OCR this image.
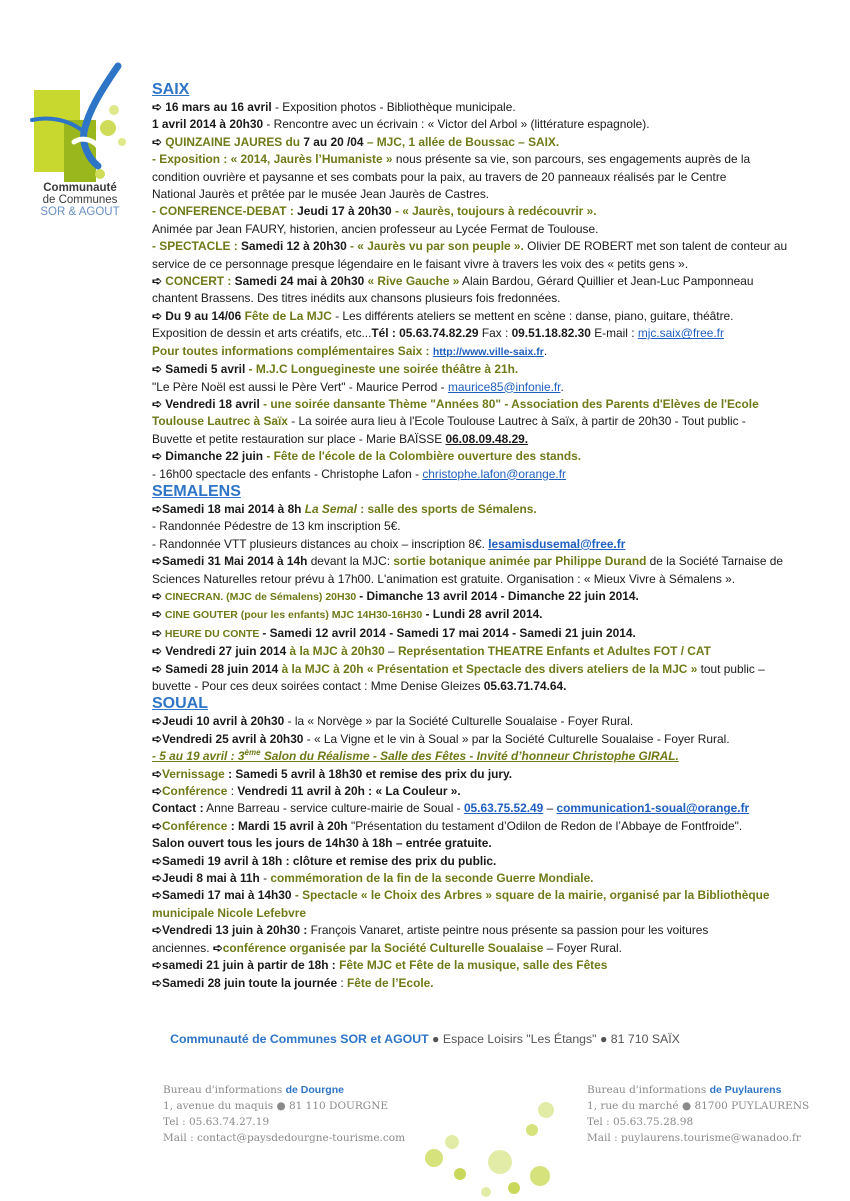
Communauté
de Communes
SOR & AGOUT

SAIX

➪ 16 mars au 16 avril - Exposition photos - Bibliothèque municipale.

1 avril 2014 à 20h30 - Rencontre avec un écrivain : « Victor del Arbol » (littérature espagnole).

➪ QUINZAINE JAURES du 7 au 20 /04 – MJC, 1 allée de Boussac – SAIX.

- Exposition : « 2014, Jaurès l’Humaniste » nous présente sa vie, son parcours, ses engagements auprès de la

condition ouvrière et paysanne et ses combats pour la paix, au travers de 20 panneaux réalisés par le Centre

National Jaurès et prêtée par le musée Jean Jaurès de Castres.

- CONFERENCE-DEBAT : Jeudi 17 à 20h30 - « Jaurès, toujours à redécouvrir ».

Animée par Jean FAURY, historien, ancien professeur au Lycée Fermat de Toulouse.

- SPECTACLE : Samedi 12 à 20h30 - « Jaurès vu par son peuple ». Olivier DE ROBERT met son talent de conteur au

service de ce personnage presque légendaire en le faisant vivre à travers les voix des « petits gens ».

➪ CONCERT : Samedi 24 mai à 20h30 « Rive Gauche » Alain Bardou, Gérard Quillier et Jean-Luc Pamponneau

chantent Brassens. Des titres inédits aux chansons plusieurs fois fredonnées.

➪ Du 9 au 14/06 Fête de La MJC - Les différents ateliers se mettent en scène : danse, piano, guitare, théâtre.

Exposition de dessin et arts créatifs, etc...Tél : 05.63.74.82.29 Fax : 09.51.18.82.30 E-mail : mjc.saix@free.fr

Pour toutes informations complémentaires Saix : http://www.ville-saix.fr.

➪ Samedi 5 avril - M.J.C Longuegineste une soirée théâtre à 21h.

"Le Père Noël est aussi le Père Vert" - Maurice Perrod - maurice85@infonie.fr.

➪ Vendredi 18 avril - une soirée dansante Thème "Années 80" - Association des Parents d'Elèves de l'Ecole

Toulouse Lautrec à Saïx - La soirée aura lieu à l'Ecole Toulouse Lautrec à Saïx, à partir de 20h30 - Tout public -

Buvette et petite restauration sur place - Marie BAÏSSE 06.08.09.48.29.

➪ Dimanche 22 juin - Fête de l'école de la Colombière ouverture des stands.

- 16h00 spectacle des enfants - Christophe Lafon - christophe.lafon@orange.fr

SEMALENS

➪Samedi 18 mai 2014 à 8h La Semal : salle des sports de Sémalens.

- Randonnée Pédestre de 13 km inscription 5€.

- Randonnée VTT plusieurs distances au choix – inscription 8€. lesamisdusemal@free.fr

➪Samedi 31 Mai 2014 à 14h devant la MJC: sortie botanique animée par Philippe Durand de la Société Tarnaise de

Sciences Naturelles retour prévu à 17h00. L'animation est gratuite. Organisation : « Mieux Vivre à Sémalens ».

➪ CINECRAN. (MJC de Sémalens) 20H30 - Dimanche 13 avril 2014 - Dimanche 22 juin 2014.

➪ CINE GOUTER (pour les enfants) MJC 14H30-16H30 - Lundi 28 avril 2014.

➪ HEURE DU CONTE - Samedi 12 avril 2014 - Samedi 17 mai 2014 - Samedi 21 juin 2014.

➪ Vendredi 27 juin 2014 à la MJC à 20h30 – Représentation THEATRE Enfants et Adultes FOT / CAT

➪ Samedi 28 juin 2014 à la MJC à 20h « Présentation et Spectacle des divers ateliers de la MJC » tout public –

buvette - Pour ces deux soirées contact : Mme Denise Gleizes 05.63.71.74.64.

SOUAL

➪Jeudi 10 avril à 20h30 - la « Norvège » par la Société Culturelle Soualaise - Foyer Rural.

➪Vendredi 25 avril à 20h30 - « La Vigne et le vin à Soual » par la Société Culturelle Soualaise - Foyer Rural.

- 5 au 19 avril : 3ème Salon du Réalisme - Salle des Fêtes - Invité d’honneur Christophe GIRAL.

➪Vernissage : Samedi 5 avril à 18h30 et remise des prix du jury.

➪Conférence : Vendredi 11 avril à 20h : « La Couleur ».

Contact : Anne Barreau - service culture-mairie de Soual - 05.63.75.52.49 – communication1-soual@orange.fr

➪Conférence : Mardi 15 avril à 20h "Présentation du testament d’Odilon de Redon de l’Abbaye de Fontfroide".

Salon ouvert tous les jours de 14h30 à 18h – entrée gratuite.

➪Samedi 19 avril à 18h : clôture et remise des prix du public.

➪Jeudi 8 mai à 11h - commémoration de la fin de la seconde Guerre Mondiale.

➪Samedi 17 mai à 14h30 - Spectacle « le Choix des Arbres » square de la mairie, organisé par la Bibliothèque

municipale Nicole Lefebvre

➪Vendredi 13 juin à 20h30 : François Vanaret, artiste peintre nous présente sa passion pour les voitures

anciennes. ➪conférence organisée par la Société Culturelle Soualaise – Foyer Rural.

➪samedi 21 juin à partir de 18h : Fête MJC et Fête de la musique, salle des Fêtes

➪Samedi 28 juin toute la journée : Fête de l’Ecole.

Communauté de Communes SOR et AGOUT ● Espace Loisirs "Les Étangs" ● 81 710 SAÏX
Bureau d'informations de Dourgne
1, avenue du maquis ● 81 110 DOURGNE
Tel : 05.63.74.27.19
Mail : contact@paysdedourgne-tourisme.com
Bureau d'informations de Puylaurens
1, rue du marché ● 81700 PUYLAURENS
Tel : 05.63.75.28.98
Mail : puylaurens.tourisme@wanadoo.fr
